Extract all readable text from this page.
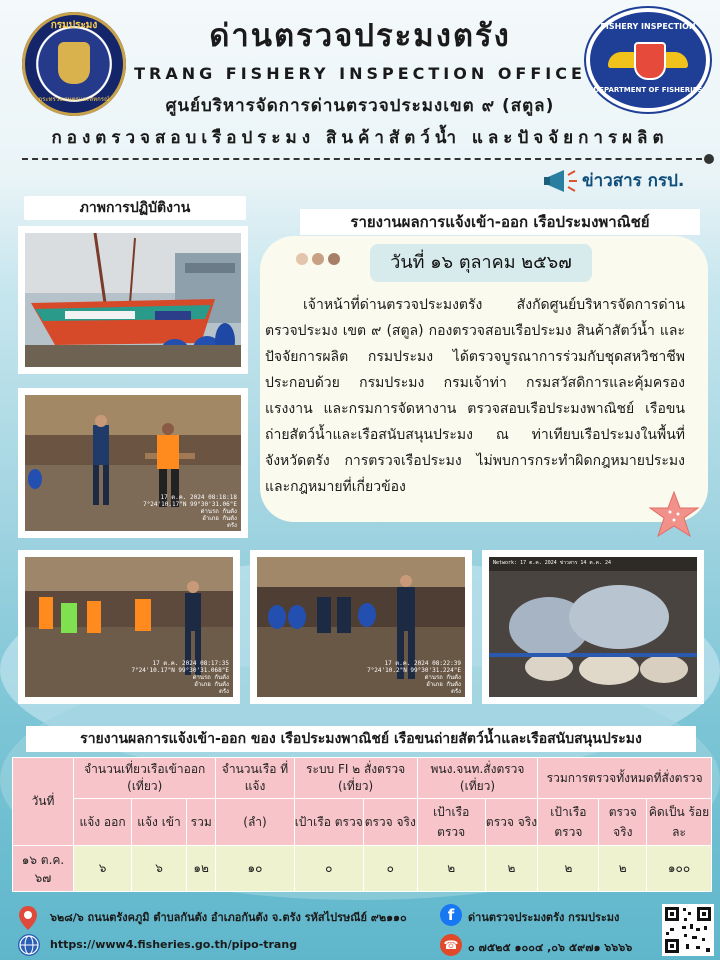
กรมประมง
กระทรวงเกษตรและสหกรณ์
FISHERY INSPECTION
DEPARTMENT OF FISHERIES
ด่านตรวจประมงตรัง
TRANG FISHERY INSPECTION OFFICE
ศูนย์บริหารจัดการด่านตรวจประมงเขต ๙ (สตูล)
กองตรวจสอบเรือประมง สินค้าสัตว์น้ำ และปัจจัยการผลิต
ข่าวสาร กรป.
ภาพการปฏิบัติงาน
รายงานผลการแจ้งเข้า-ออก เรือประมงพาณิชย์
17 ต.ค. 2024 08:18:18
7°24'10.17"N 99°30'31.06"E
ด่านรถ กันตัง
อำเภอ กันตัง
ตรัง
วันที่ ๑๖ ตุลาคม ๒๕๖๗
เจ้าหน้าที่ด่านตรวจประมงตรัง สังกัดศูนย์บริหารจัดการด่านตรวจประมง เขต ๙ (สตูล) กองตรวจสอบเรือประมง สินค้าสัตว์น้ำ และปัจจัยการผลิต กรมประมง ได้ตรวจบูรณาการร่วมกับชุดสหวิชาชีพ ประกอบด้วย กรมประมง กรมเจ้าท่า กรมสวัสดิการและคุ้มครองแรงงาน และกรมการจัดหางาน ตรวจสอบเรือประมงพาณิชย์ เรือขนถ่ายสัตว์น้ำและเรือสนับสนุนประมง ณ ท่าเทียบเรือประมงในพื้นที่จังหวัดตรัง การตรวจเรือประมง ไม่พบการกระทำผิดกฎหมายประมงและกฎหมายที่เกี่ยวข้อง
17 ต.ค. 2024 08:17:35
7°24'10.17"N 99°30'31.068"E
ด่านรถ กันตัง
อำเภอ กันตัง
ตรัง
17 ต.ค. 2024 08:22:39
7°24'10.2"N 99°30'31.224"E
ด่านรถ กันตัง
อำเภอ กันตัง
ตรัง
Network: 17 ต.ค. 2024 ข่าวสาร 14 ต.ค. 24
รายงานผลการแจ้งเข้า-ออก ของ เรือประมงพาณิชย์ เรือขนถ่ายสัตว์น้ำและเรือสนับสนุนประมง
วันที่	จำนวนเที่ยวเรือเข้าออก (เที่ยว)			จำนวนเรือ ที่แจ้ง	ระบบ FI ๒ สั่งตรวจ (เที่ยว)		พนง.จนท.สั่งตรวจ (เที่ยว)		รวมการตรวจทั้งหมดที่สั่งตรวจ		
	แจ้ง ออก	แจ้ง เข้า	รวม	(ลำ)	เป้าเรือ ตรวจ	ตรวจ จริง	เป้าเรือ ตรวจ	ตรวจ จริง	เป้าเรือ ตรวจ	ตรวจ จริง	คิดเป็น ร้อยละ
๑๖ ต.ค. ๖๗	๖	๖	๑๒	๑๐	๐	๐	๒	๒	๒	๒	๑๐๐
๖๒๘/๖ ถนนตรังคภูมิ ตำบลกันตัง อำเภอกันตัง จ.ตรัง รหัสไปรษณีย์ ๙๒๑๑๐	f	ด่านตรวจประมงตรัง กรมประมง
https://www4.fisheries.go.th/pipo-trang	☎ ๐ ๗๕๒๕ ๑๐๐๔ ,๐๖ ๕๙๗๑ ๖๖๖๖
